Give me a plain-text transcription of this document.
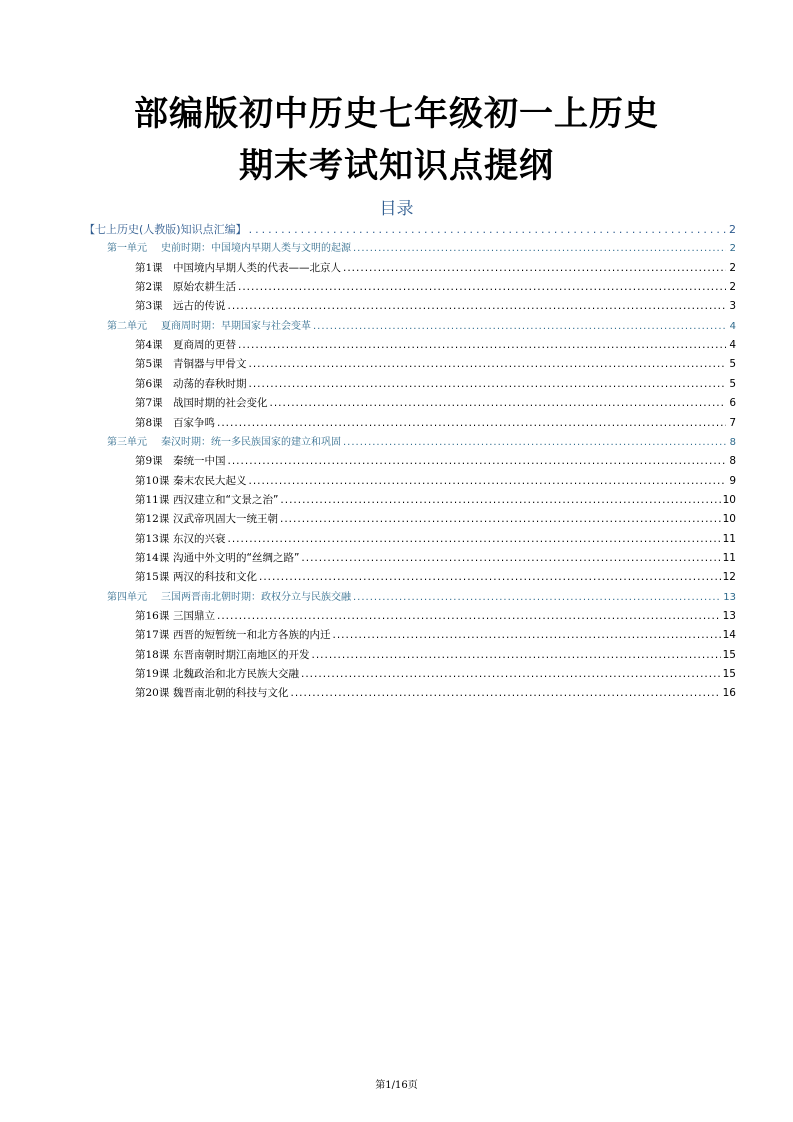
部编版初中历史七年级初一上历史
期末考试知识点提纲
目录
【七上历史(人教版)知识点汇编】 .....	2
第一单元 史前时期：中国境内早期人类与文明的起源 .....	2
第1课 中国境内早期人类的代表——北京人 .....	2
第2课 原始农耕生活 .....	2
第3课 远古的传说 .....	3
第二单元 夏商周时期：早期国家与社会变革 .....	4
第4课 夏商周的更替 .....	4
第5课 青铜器与甲骨文 .....	5
第6课 动荡的春秋时期 .....	5
第7课 战国时期的社会变化 .....	6
第8课 百家争鸣 .....	7
第三单元 秦汉时期：统一多民族国家的建立和巩固 .....	8
第9课 秦统一中国 .....	8
第10课 秦末农民大起义 .....	9
第11课 西汉建立和“文景之治” .....	10
第12课 汉武帝巩固大一统王朝 .....	10
第13课 东汉的兴衰 .....	11
第14课 沟通中外文明的“丝绸之路” .....	11
第15课 两汉的科技和文化 .....	12
第四单元 三国两晋南北朝时期：政权分立与民族交融 .....	13
第16课 三国鼎立 .....	13
第17课 西晋的短暂统一和北方各族的内迁 .....	14
第18课 东晋南朝时期江南地区的开发 .....	15
第19课 北魏政治和北方民族大交融 .....	15
第20课 魏晋南北朝的科技与文化 .....	16
第1/16页
